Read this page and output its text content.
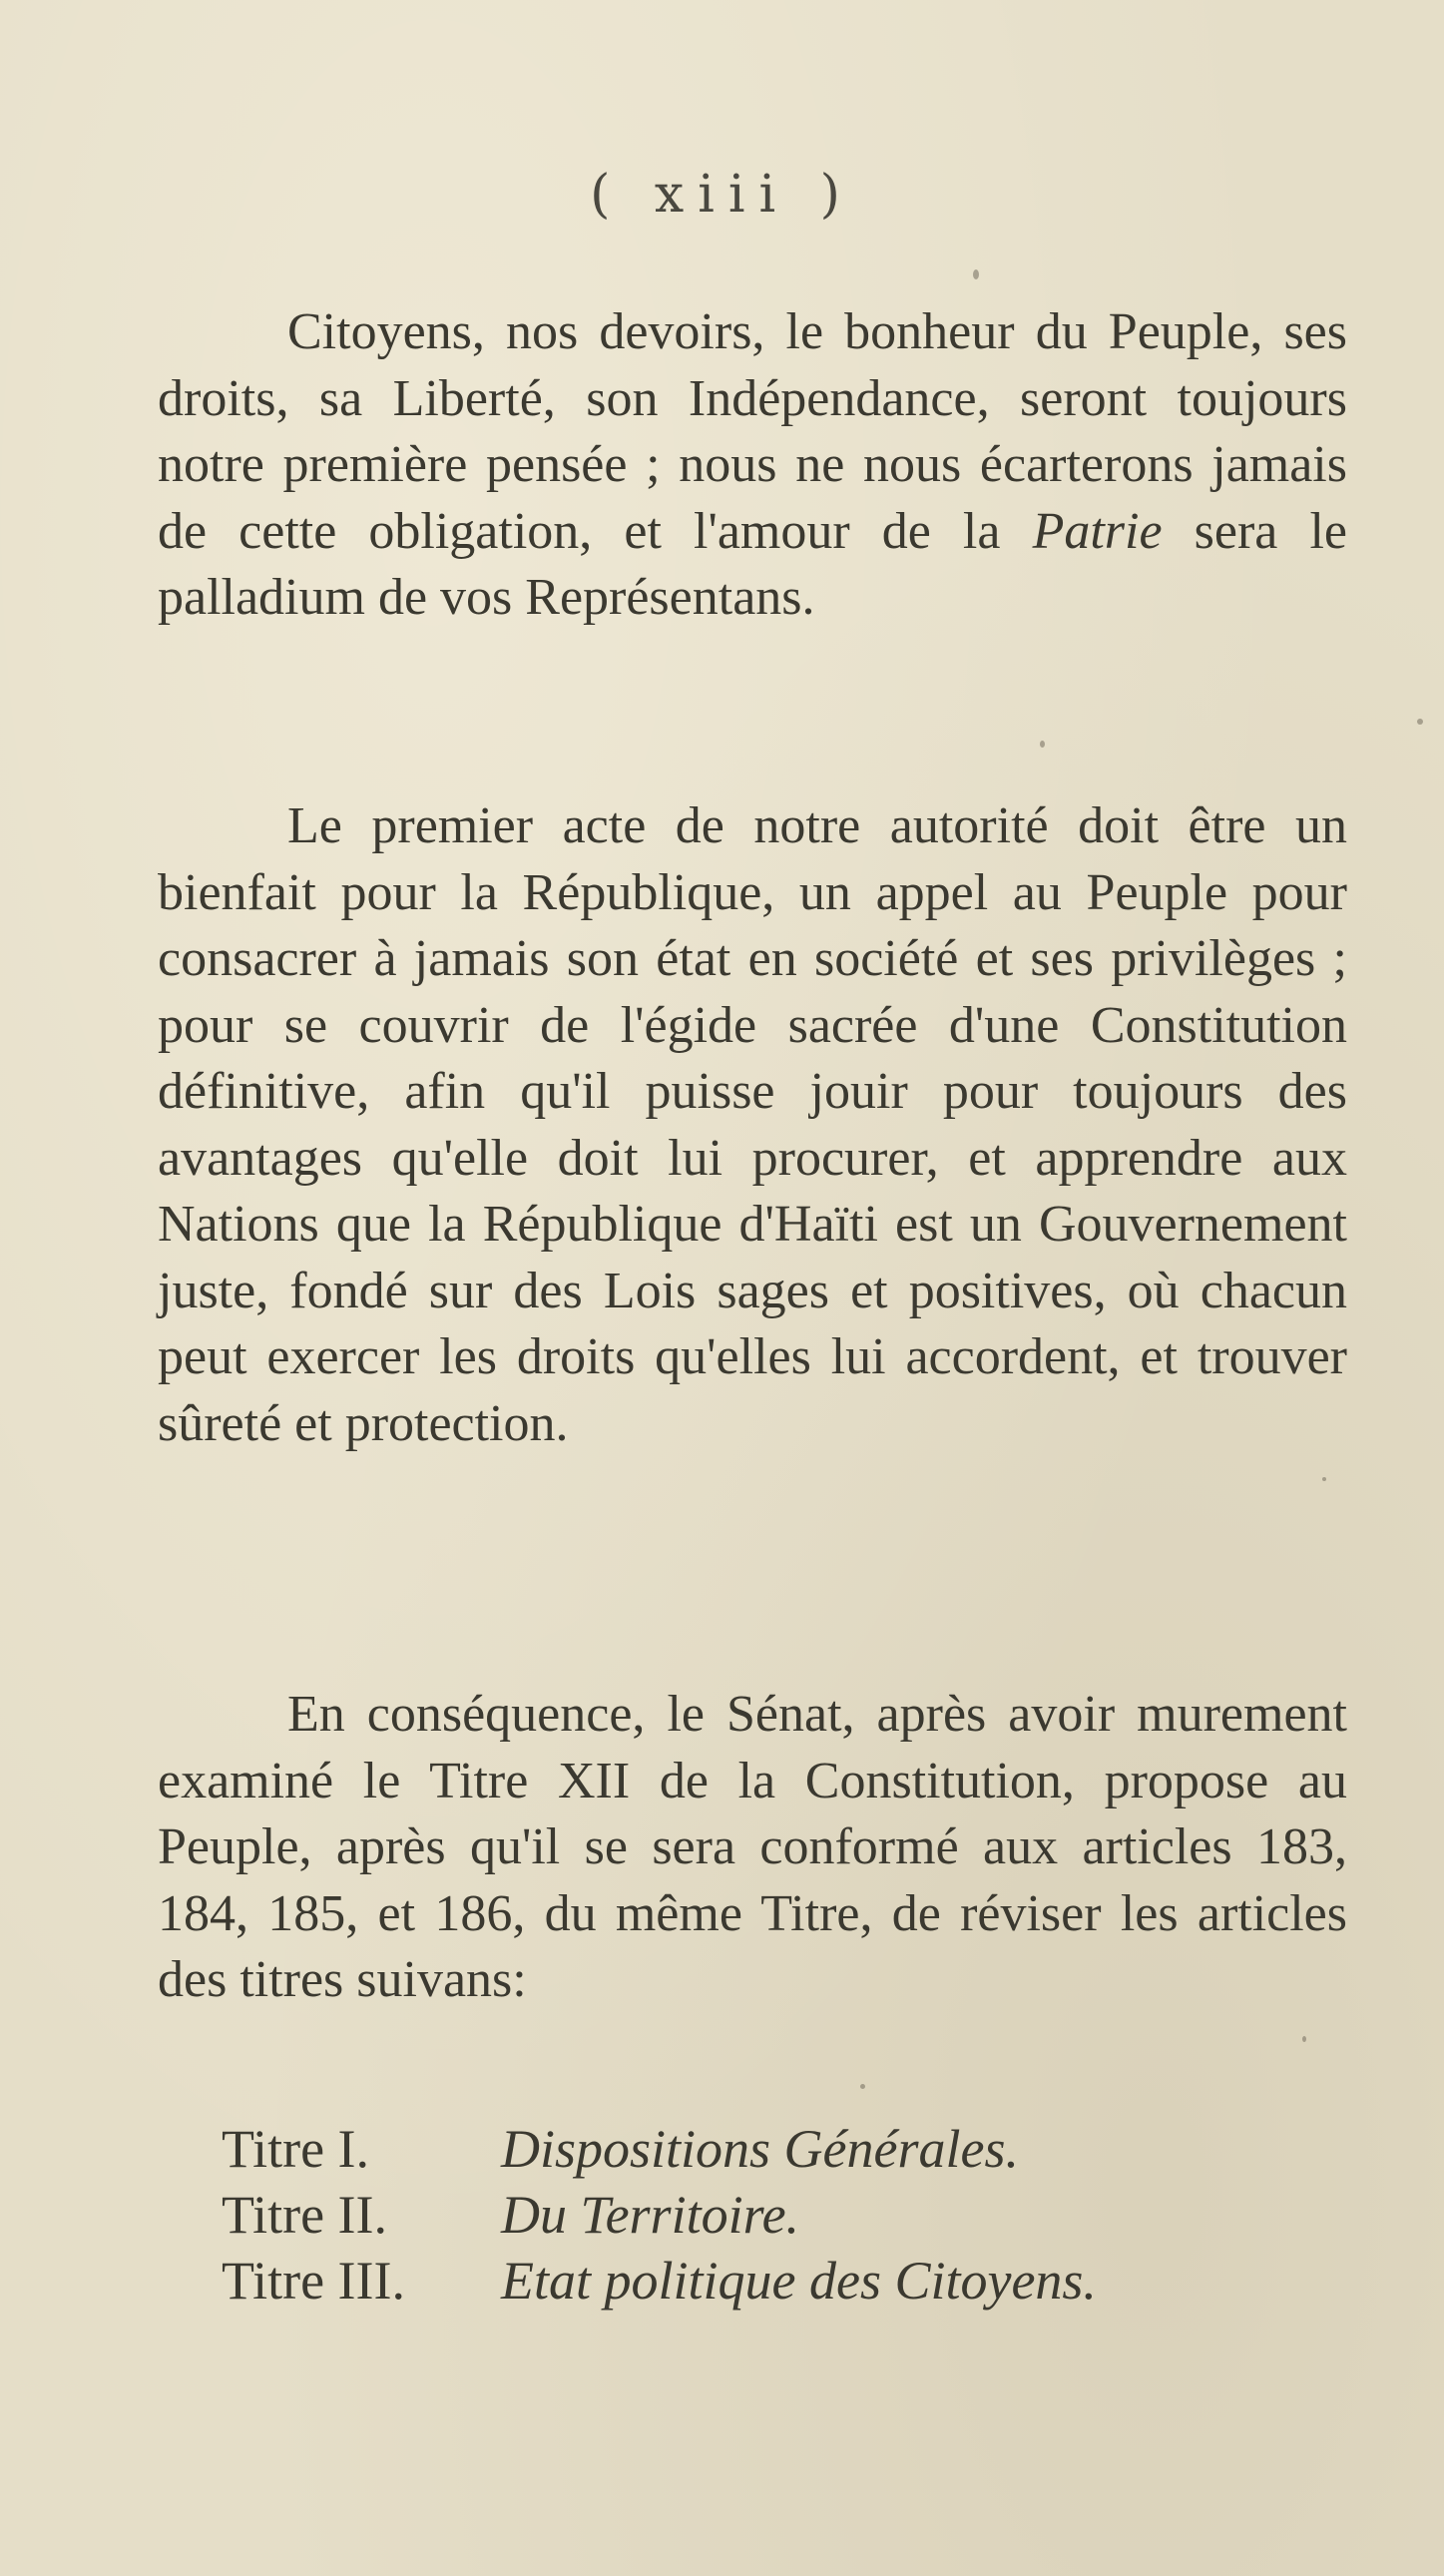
( xiii )

Citoyens, nos devoirs, le bonheur du Peuple, ses droits, sa Liberté, son Indépendance, seront toujours notre première pensée ; nous ne nous écarterons jamais de cette obligation, et l'amour de la Patrie sera le palladium de vos Représentans.

Le premier acte de notre autorité doit être un bienfait pour la République, un appel au Peuple pour consacrer à jamais son état en société et ses privilèges ; pour se couvrir de l'égide sacrée d'une Constitution définitive, afin qu'il puisse jouir pour toujours des avantages qu'elle doit lui procurer, et apprendre aux Nations que la République d'Haïti est un Gouvernement juste, fondé sur des Lois sages et positives, où chacun peut exercer les droits qu'elles lui accordent, et trouver sûreté et protection.

En conséquence, le Sénat, après avoir murement examiné le Titre XII de la Constitution, propose au Peuple, après qu'il se sera conformé aux articles 183, 184, 185, et 186, du même Titre, de réviser les articles des titres suivans:

Titre I.	Dispositions Générales.
Titre II.	Du Territoire.
Titre III.	Etat politique des Citoyens.
